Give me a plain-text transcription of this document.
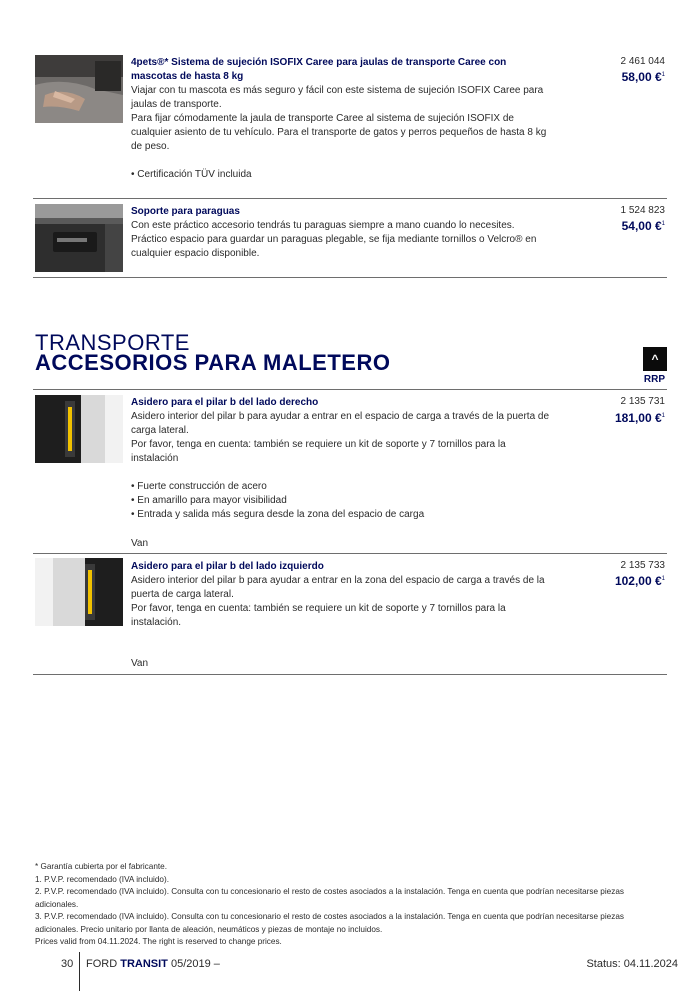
4pets®* Sistema de sujeción ISOFIX Caree para jaulas de transporte Caree con mascotas de hasta 8 kg
Viajar con tu mascota es más seguro y fácil con este sistema de sujeción ISOFIX Caree para jaulas de transporte.
Para fijar cómodamente la jaula de transporte Caree al sistema de sujeción ISOFIX de cualquier asiento de tu vehículo. Para el transporte de gatos y perros pequeños de hasta 8 kg de peso.
• Certificación TÜV incluida
2 461 044
58,00 €$^1$
Soporte para paraguas
Con este práctico accesorio tendrás tu paraguas siempre a mano cuando lo necesites. Práctico espacio para guardar un paraguas plegable, se fija mediante tornillos o Velcro® en cualquier espacio disponible.
1 524 823
54,00 €$^1$
TRANSPORTE
ACCESORIOS PARA MALETERO	^
RRP
Asidero para el pilar b del lado derecho
Asidero interior del pilar b para ayudar a entrar en el espacio de carga a través de la puerta de carga lateral.
Por favor, tenga en cuenta: también se requiere un kit de soporte y 7 tornillos para la instalación
• Fuerte construcción de acero
• En amarillo para mayor visibilidad
• Entrada y salida más segura desde la zona del espacio de carga
Van
2 135 731
181,00 €$^1$
Asidero para el pilar b del lado izquierdo
Asidero interior del pilar b para ayudar a entrar en la zona del espacio de carga a través de la puerta de carga lateral.
Por favor, tenga en cuenta: también se requiere un kit de soporte y 7 tornillos para la instalación.
Van
2 135 733
102,00 €$^1$
* Garantía cubierta por el fabricante.
1. P.V.P. recomendado (IVA incluido).
2. P.V.P. recomendado (IVA incluido). Consulta con tu concesionario el resto de costes asociados a la instalación. Tenga en cuenta que podrían necesitarse piezas adicionales.
3. P.V.P. recomendado (IVA incluido). Consulta con tu concesionario el resto de costes asociados a la instalación. Tenga en cuenta que podrían necesitarse piezas adicionales. Precio unitario por llanta de aleación, neumáticos y piezas de montaje no incluidos.
Prices valid from 04.11.2024. The right is reserved to change prices.
30 FORD TRANSIT 05/2019 –	Status: 04.11.2024
